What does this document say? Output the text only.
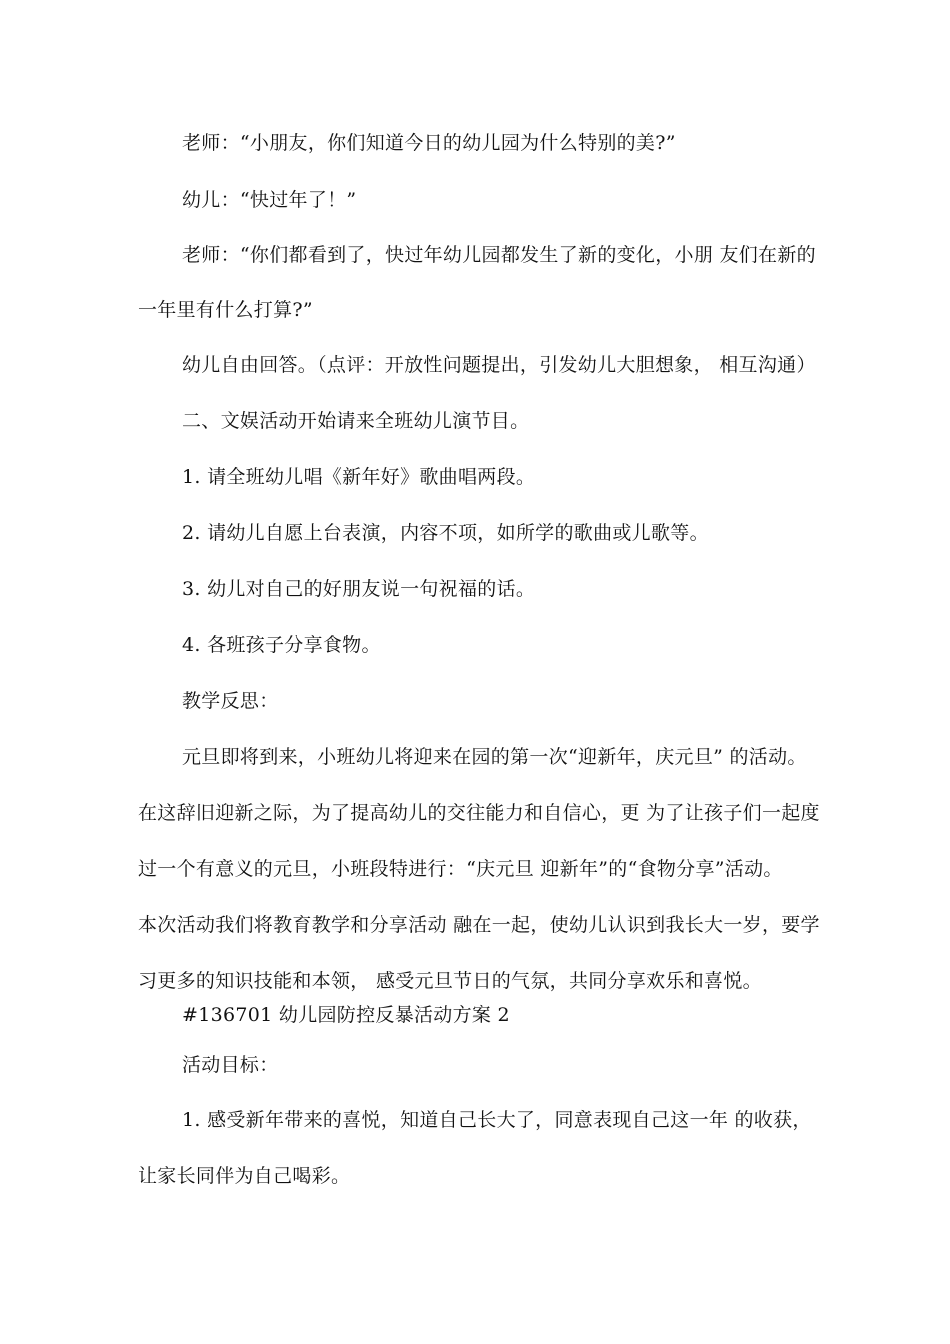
老师：“小朋友，你们知道今日的幼儿园为什么特别的美?”
幼儿：“快过年了！”
老师：“你们都看到了，快过年幼儿园都发生了新的变化，小朋 友们在新的
一年里有什么打算?”
幼儿自由回答。（点评：开放性问题提出，引发幼儿大胆想象， 相互沟通）
二、文娱活动开始请来全班幼儿演节目。
1. 请全班幼儿唱《新年好》歌曲唱两段。
2. 请幼儿自愿上台表演，内容不项，如所学的歌曲或儿歌等。
3. 幼儿对自己的好朋友说一句祝福的话。
4. 各班孩子分享食物。
教学反思：
元旦即将到来，小班幼儿将迎来在园的第一次“迎新年，庆元旦” 的活动。
在这辞旧迎新之际，为了提高幼儿的交往能力和自信心，更 为了让孩子们一起度
过一个有意义的元旦，小班段特进行：“庆元旦 迎新年”的“食物分享”活动。
本次活动我们将教育教学和分享活动 融在一起，使幼儿认识到我长大一岁，要学
习更多的知识技能和本领， 感受元旦节日的气氛，共同分享欢乐和喜悦。
#136701 幼儿园防控反暴活动方案 2
活动目标：
1. 感受新年带来的喜悦，知道自己长大了，同意表现自己这一年 的收获，
让家长同伴为自己喝彩。
